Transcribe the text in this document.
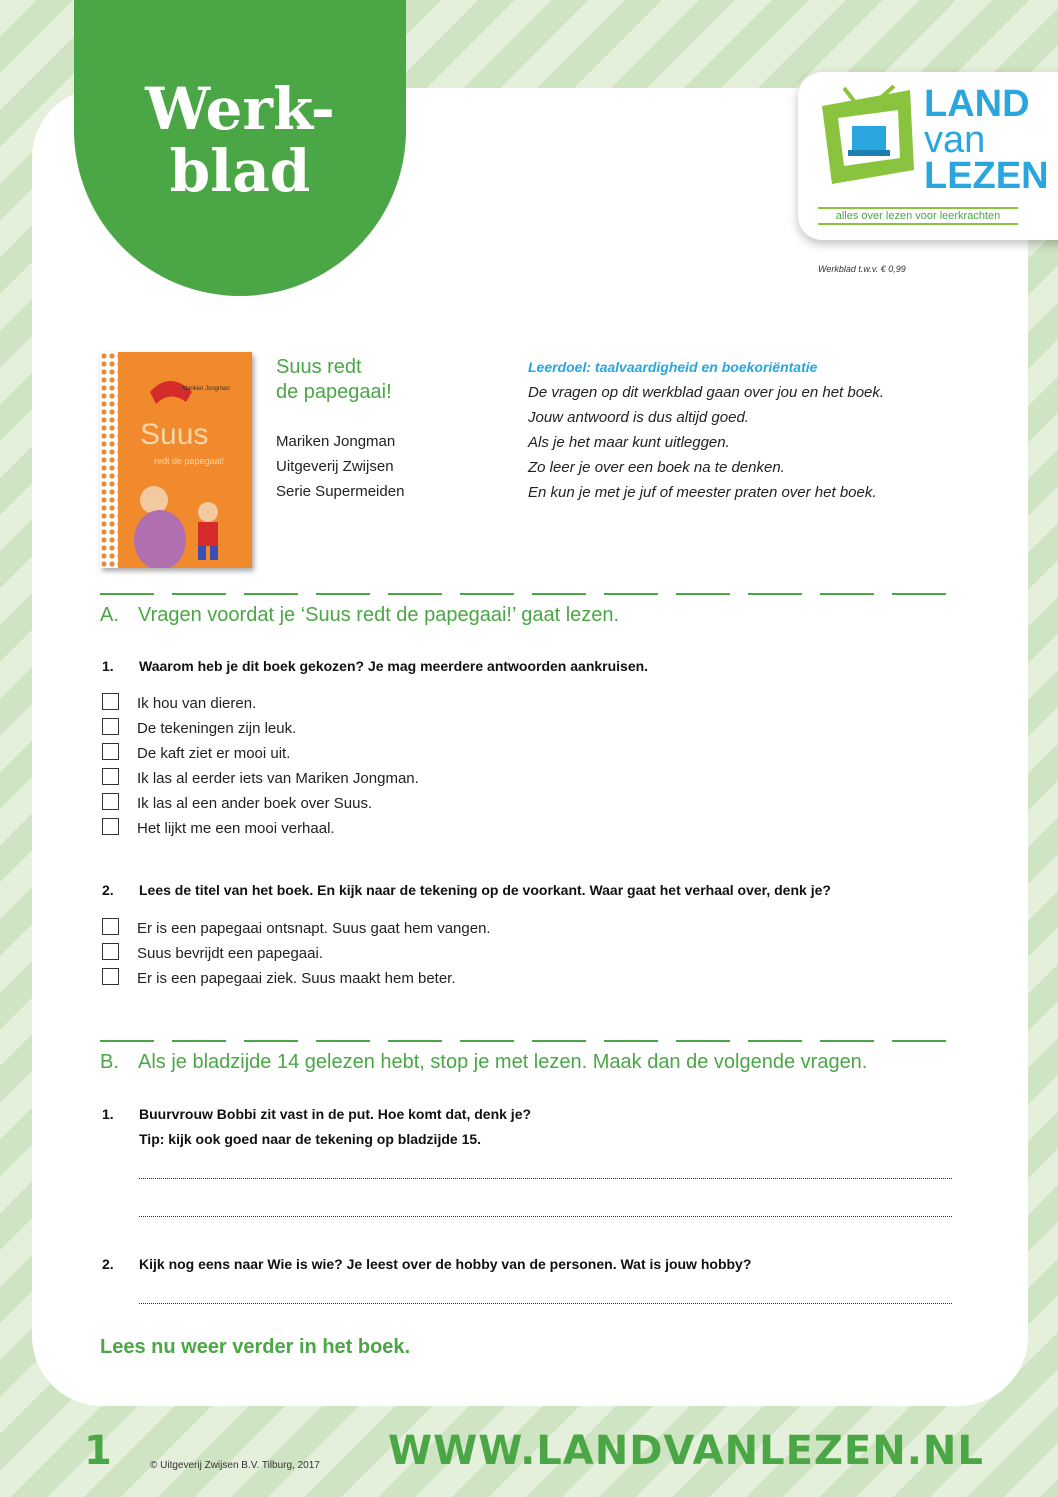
Werk-
blad
LAND
van
LEZEN
alles over lezen voor leerkrachten
Werkblad t.w.v. € 0,99
Mariken Jongman
Suus
redt de papegaai!
Suus redt
de papegaai!
Mariken Jongman
Uitgeverij Zwijsen
Serie Supermeiden
Leerdoel: taalvaardigheid en boekoriëntatie
De vragen op dit werkblad gaan over jou en het boek.
Jouw antwoord is dus altijd goed.
Als je het maar kunt uitleggen.
Zo leer je over een boek na te denken.
En kun je met je juf of meester praten over het boek.
A. Vragen voordat je ‘Suus redt de papegaai!’ gaat lezen.
1. Waarom heb je dit boek gekozen? Je mag meerdere antwoorden aankruisen.
Ik hou van dieren.
De tekeningen zijn leuk.
De kaft ziet er mooi uit.
Ik las al eerder iets van Mariken Jongman.
Ik las al een ander boek over Suus.
Het lijkt me een mooi verhaal.
2. Lees de titel van het boek. En kijk naar de tekening op de voorkant. Waar gaat het verhaal over, denk je?
Er is een papegaai ontsnapt. Suus gaat hem vangen.
Suus bevrijdt een papegaai.
Er is een papegaai ziek. Suus maakt hem beter.
B. Als je bladzijde 14 gelezen hebt, stop je met lezen. Maak dan de volgende vragen.
1. Buurvrouw Bobbi zit vast in de put. Hoe komt dat, denk je?
Tip: kijk ook goed naar de tekening op bladzijde 15.
2. Kijk nog eens naar Wie is wie? Je leest over de hobby van de personen. Wat is jouw hobby?
Lees nu weer verder in het boek.
1	© Uitgeverij Zwijsen B.V. Tilburg, 2017 WWW.LANDVANLEZEN.NL
